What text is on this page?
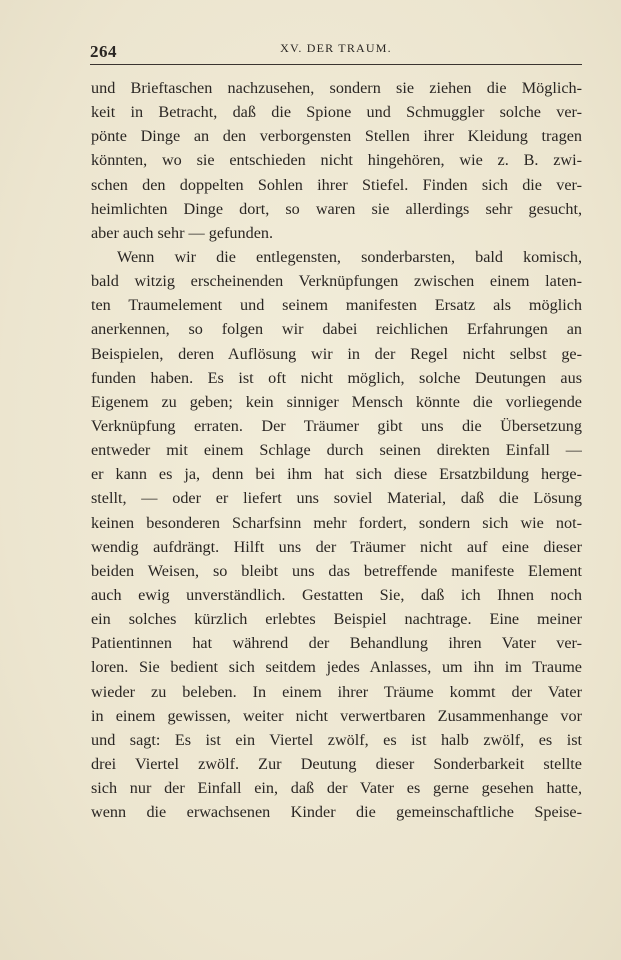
264	XV. DER TRAUM.
und Brieftaschen nachzusehen, sondern sie ziehen die Möglich-
keit in Betracht, daß die Spione und Schmuggler solche ver-
pönte Dinge an den verborgensten Stellen ihrer Kleidung tragen
könnten, wo sie entschieden nicht hingehören, wie z. B. zwi-
schen den doppelten Sohlen ihrer Stiefel. Finden sich die ver-
heimlichten Dinge dort, so waren sie allerdings sehr gesucht,
aber auch sehr — gefunden.
Wenn wir die entlegensten, sonderbarsten, bald komisch,
bald witzig erscheinenden Verknüpfungen zwischen einem laten-
ten Traumelement und seinem manifesten Ersatz als möglich
anerkennen, so folgen wir dabei reichlichen Erfahrungen an
Beispielen, deren Auflösung wir in der Regel nicht selbst ge-
funden haben. Es ist oft nicht möglich, solche Deutungen aus
Eigenem zu geben; kein sinniger Mensch könnte die vorliegende
Verknüpfung erraten. Der Träumer gibt uns die Übersetzung
entweder mit einem Schlage durch seinen direkten Einfall —
er kann es ja, denn bei ihm hat sich diese Ersatzbildung herge-
stellt, — oder er liefert uns soviel Material, daß die Lösung
keinen besonderen Scharfsinn mehr fordert, sondern sich wie not-
wendig aufdrängt. Hilft uns der Träumer nicht auf eine dieser
beiden Weisen, so bleibt uns das betreffende manifeste Element
auch ewig unverständlich. Gestatten Sie, daß ich Ihnen noch
ein solches kürzlich erlebtes Beispiel nachtrage. Eine meiner
Patientinnen hat während der Behandlung ihren Vater ver-
loren. Sie bedient sich seitdem jedes Anlasses, um ihn im Traume
wieder zu beleben. In einem ihrer Träume kommt der Vater
in einem gewissen, weiter nicht verwertbaren Zusammenhange vor
und sagt: Es ist ein Viertel zwölf, es ist halb zwölf, es ist
drei Viertel zwölf. Zur Deutung dieser Sonderbarkeit stellte
sich nur der Einfall ein, daß der Vater es gerne gesehen hatte,
wenn die erwachsenen Kinder die gemeinschaftliche Speise-
